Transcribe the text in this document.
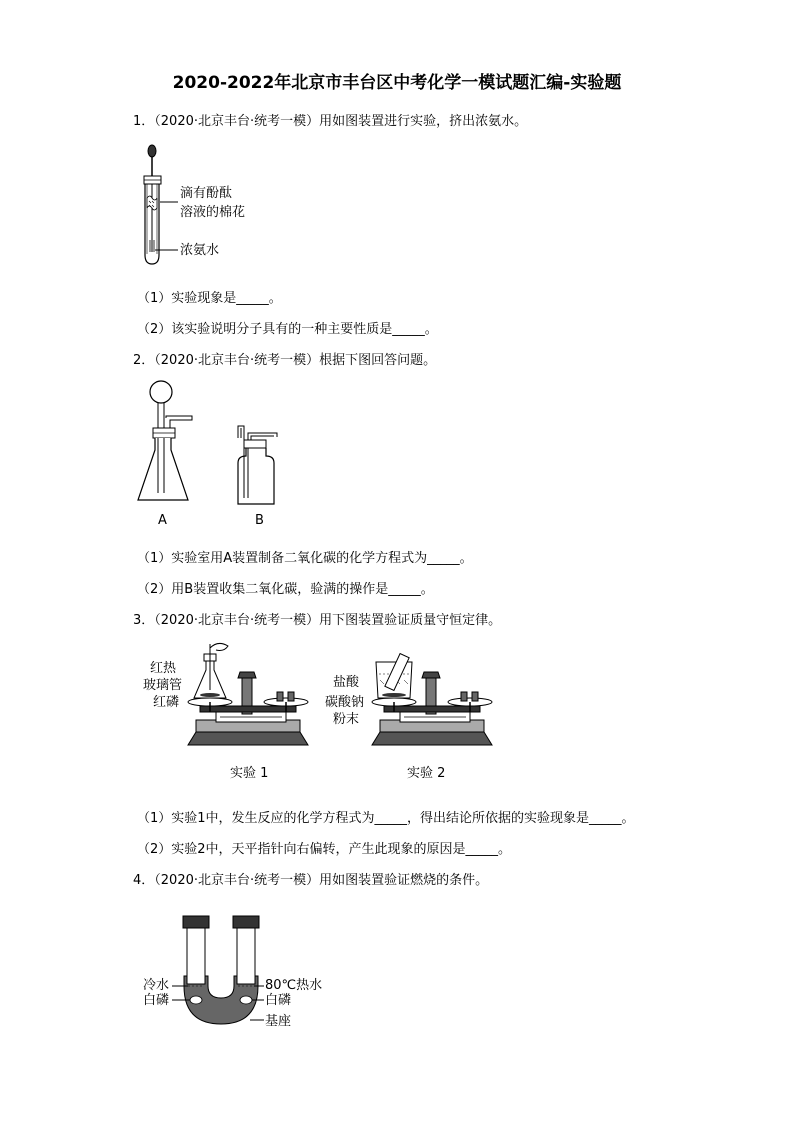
2020-2022年北京市丰台区中考化学一模试题汇编-实验题
1．（2020·北京丰台·统考一模）用如图装置进行实验，挤出浓氨水。
滴有酚酞
溶液的棉花
浓氨水
（1）实验现象是_____。
（2）该实验说明分子具有的一种主要性质是_____。
2．（2020·北京丰台·统考一模）根据下图回答问题。
A	B
（1）实验室用A装置制备二氧化碳的化学方程式为_____。
（2）用B装置收集二氧化碳，验满的操作是_____。
3．（2020·北京丰台·统考一模）用下图装置验证质量守恒定律。
红热
玻璃管
红磷
盐酸
碳酸钠
粉末
实验 1	实验 2
（1）实验1中，发生反应的化学方程式为_____，得出结论所依据的实验现象是_____。
（2）实验2中，天平指针向右偏转，产生此现象的原因是_____。
4．（2020·北京丰台·统考一模）用如图装置验证燃烧的条件。
冷水
白磷
80℃热水
白磷
基座
